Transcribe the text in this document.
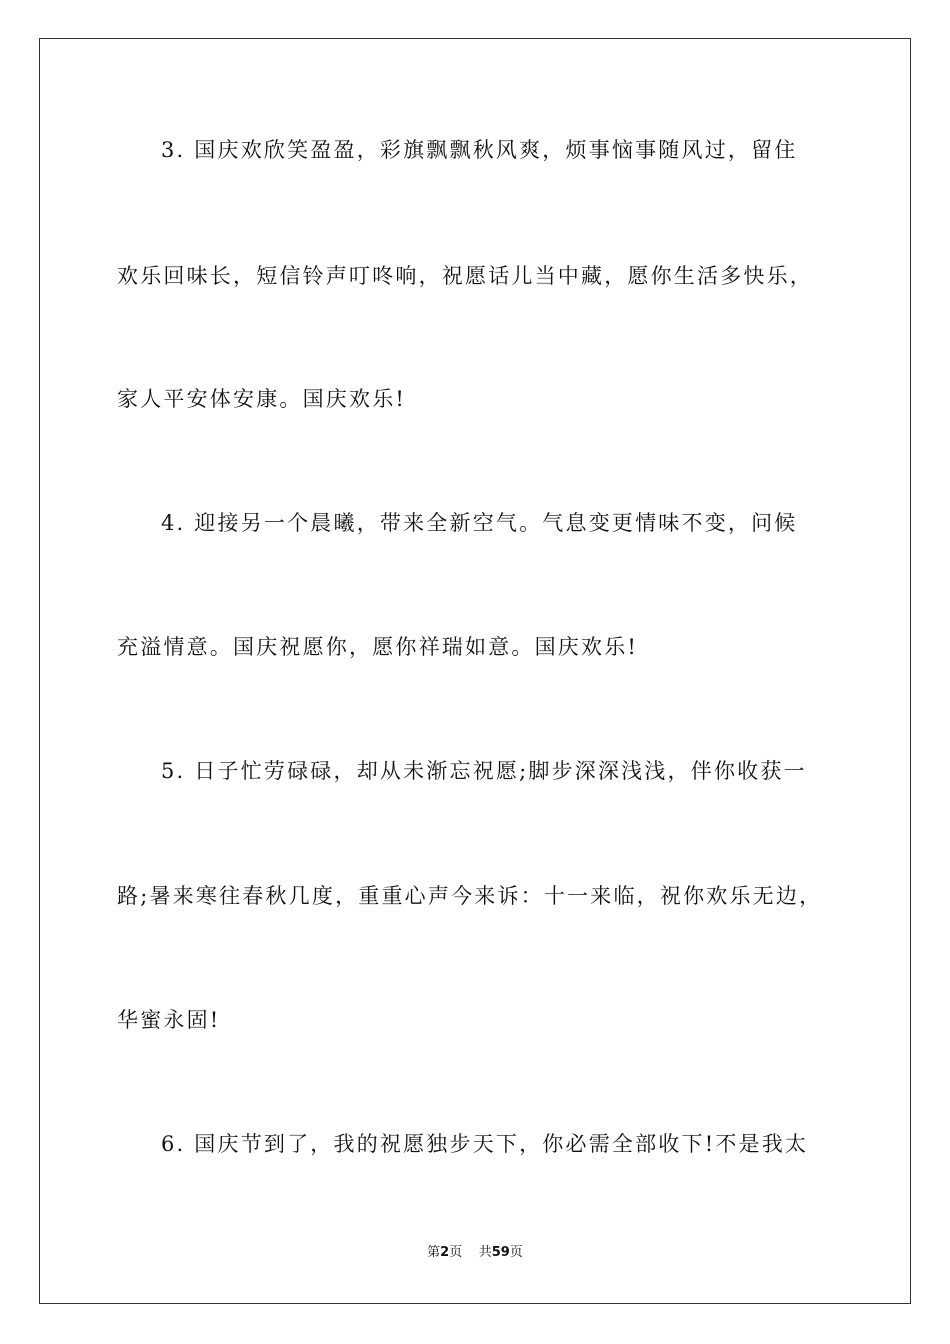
3. 国庆欢欣笑盈盈，彩旗飘飘秋风爽，烦事恼事随风过，留住
欢乐回味长，短信铃声叮咚响，祝愿话儿当中藏，愿你生活多快乐，
家人平安体安康。国庆欢乐!
4. 迎接另一个晨曦，带来全新空气。气息变更情味不变，问候
充溢情意。国庆祝愿你，愿你祥瑞如意。国庆欢乐!
5. 日子忙劳碌碌，却从未渐忘祝愿;脚步深深浅浅，伴你收获一
路;暑来寒往春秋几度，重重心声今来诉：十一来临，祝你欢乐无边，
华蜜永固!
6. 国庆节到了，我的祝愿独步天下，你必需全部收下!不是我太
第2页 共59页
